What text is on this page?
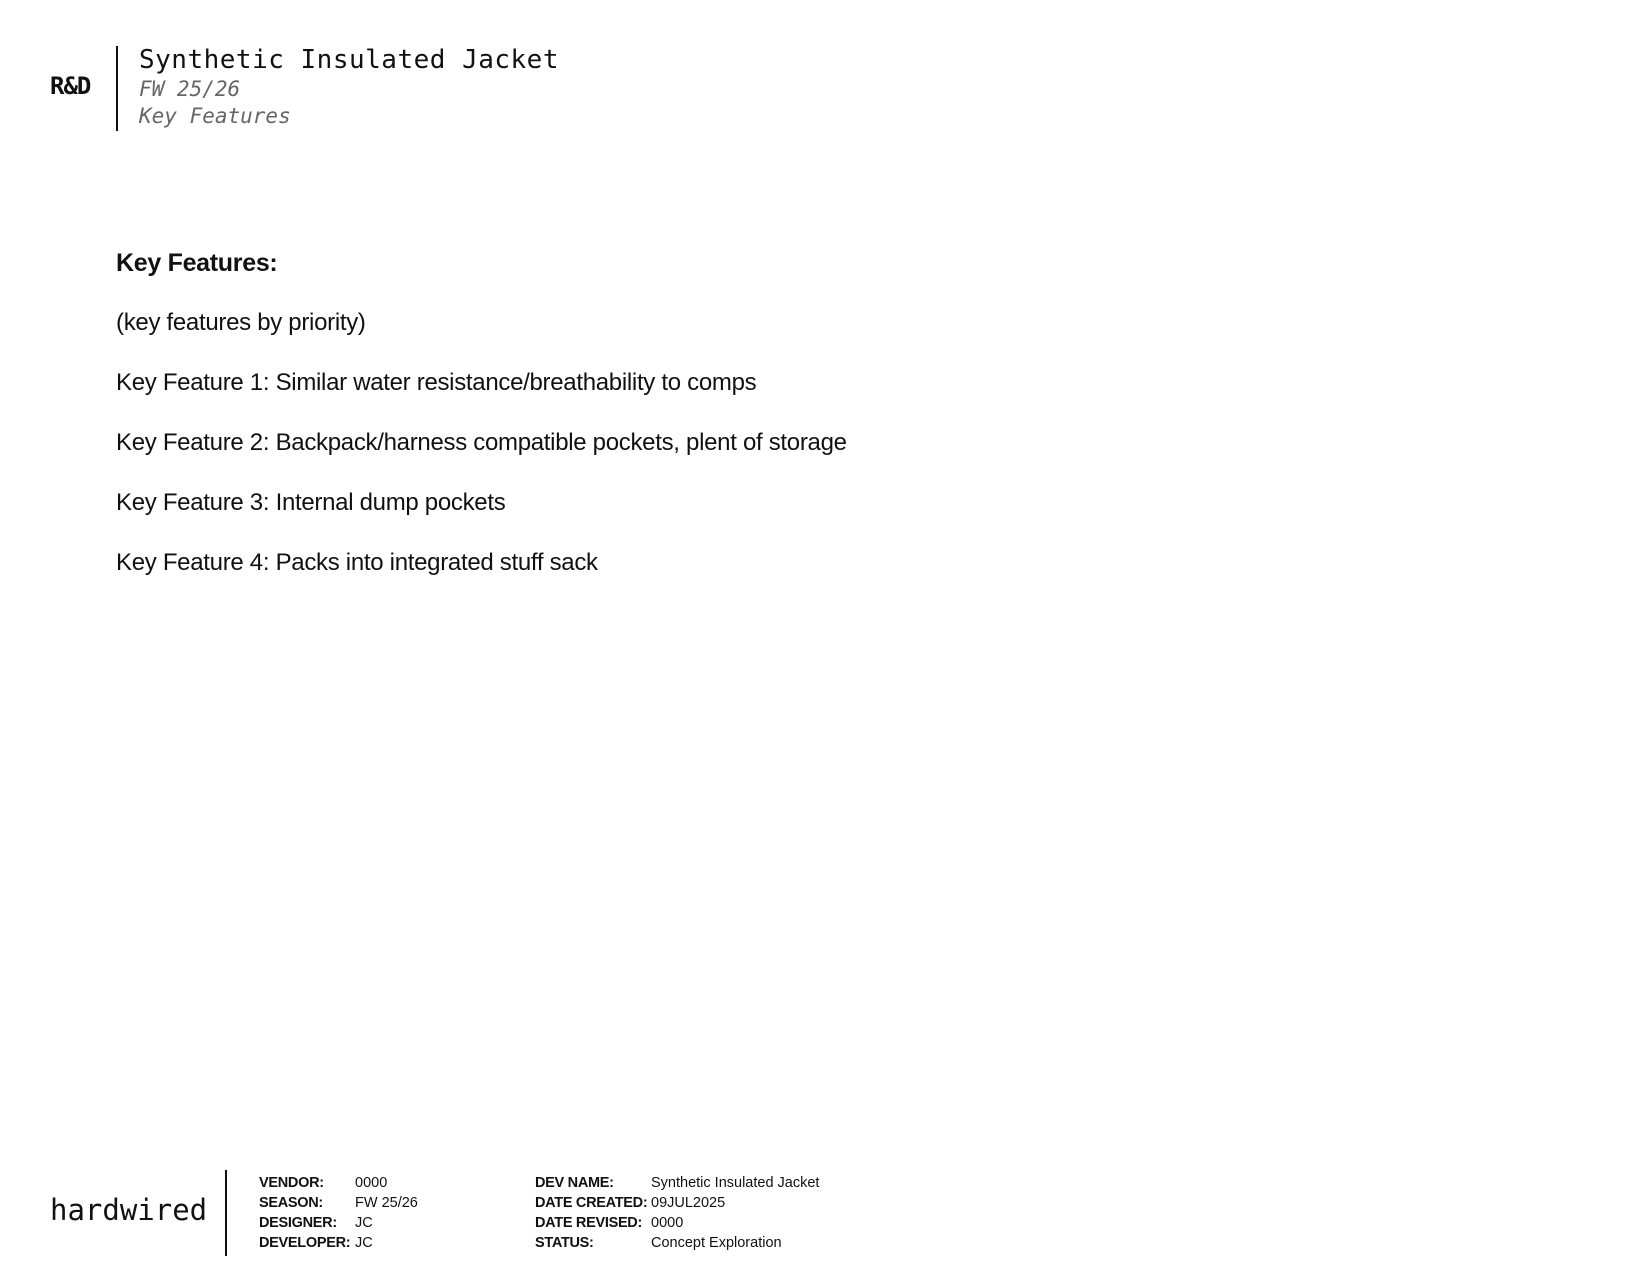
R&D
Synthetic Insulated Jacket
FW 25/26
Key Features
Key Features:
(key features by priority)
Key Feature 1: Similar water resistance/breathability to comps
Key Feature 2: Backpack/harness compatible pockets, plent of storage
Key Feature 3: Internal dump pockets
Key Feature 4: Packs into integrated stuff sack
hardwired
VENDOR:	0000
SEASON:	FW 25/26
DESIGNER:	JC
DEVELOPER:	JC
DEV NAME:	Synthetic Insulated Jacket
DATE CREATED:	09JUL2025
DATE REVISED:	0000
STATUS:	Concept Exploration
